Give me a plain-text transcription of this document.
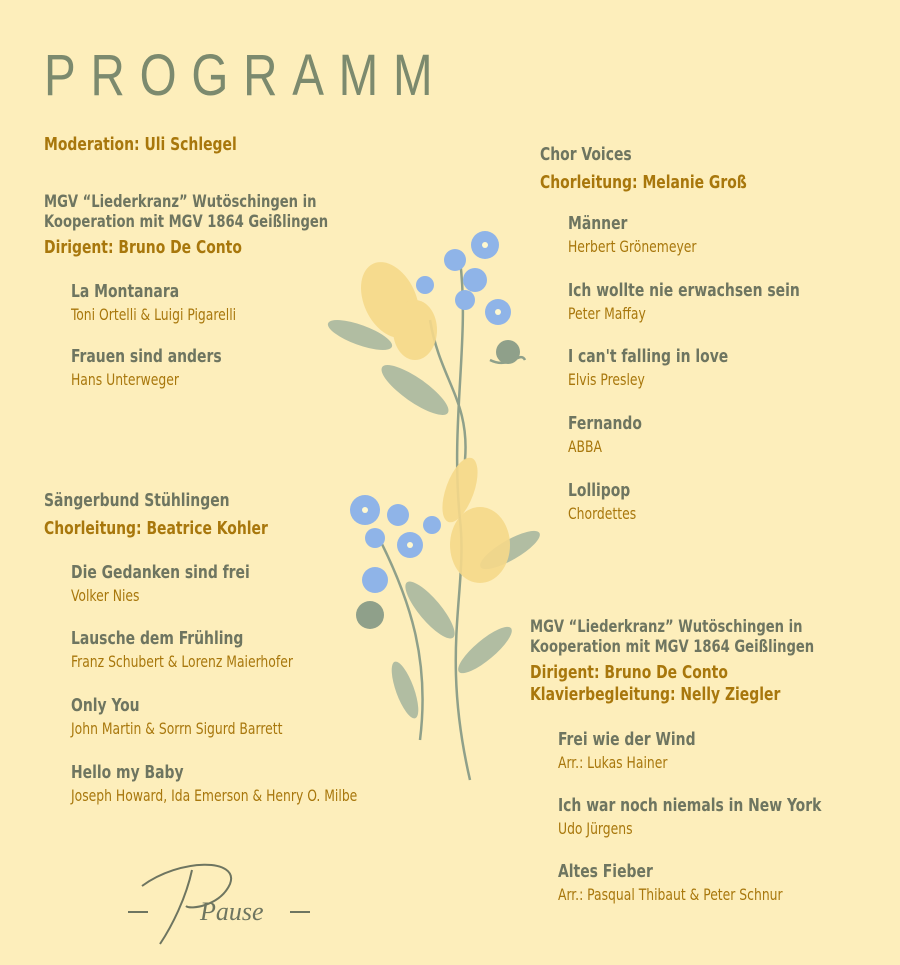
PROGRAMM
Moderation: Uli Schlegel
MGV “Liederkranz” Wutöschingen in
Kooperation mit MGV 1864 Geißlingen
Dirigent: Bruno De Conto
La Montanara
Toni Ortelli & Luigi Pigarelli
Frauen sind anders
Hans Unterweger
Sängerbund Stühlingen
Chorleitung: Beatrice Kohler
Die Gedanken sind frei
Volker Nies
Lausche dem Frühling
Franz Schubert & Lorenz Maierhofer
Only You
John Martin & Sorrn Sigurd Barrett
Hello my Baby
Joseph Howard, Ida Emerson & Henry O. Milbe
Pause
Chor Voices
Chorleitung: Melanie Groß
Männer
Herbert Grönemeyer
Ich wollte nie erwachsen sein
Peter Maffay
I can't falling in love
Elvis Presley
Fernando
ABBA
Lollipop
Chordettes
MGV “Liederkranz” Wutöschingen in
Kooperation mit MGV 1864 Geißlingen
Dirigent: Bruno De Conto
Klavierbegleitung: Nelly Ziegler
Frei wie der Wind
Arr.: Lukas Hainer
Ich war noch niemals in New York
Udo Jürgens
Altes Fieber
Arr.: Pasqual Thibaut & Peter Schnur
